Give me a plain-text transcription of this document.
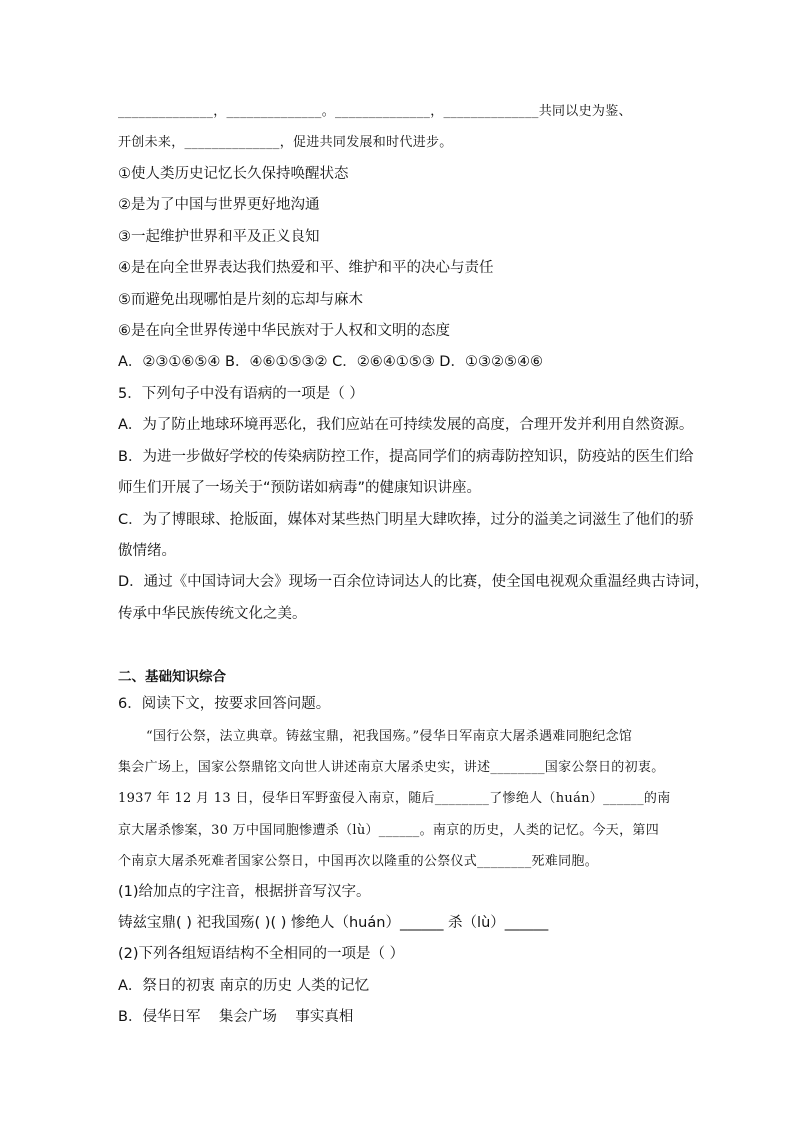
______________，______________。______________，______________共同以史为鉴、
开创未来，______________，促进共同发展和时代进步。
①使人类历史记忆长久保持唤醒状态
②是为了中国与世界更好地沟通
③一起维护世界和平及正义良知
④是在向全世界表达我们热爱和平、维护和平的决心与责任
⑤而避免出现哪怕是片刻的忘却与麻木
⑥是在向全世界传递中华民族对于人权和文明的态度
A．②③①⑥⑤④ B．④⑥①⑤③② C．②⑥④①⑤③ D．①③②⑤④⑥
5．下列句子中没有语病的一项是（ ）
A．为了防止地球环境再恶化，我们应站在可持续发展的高度，合理开发并利用自然资源。
B．为进一步做好学校的传染病防控工作，提高同学们的病毒防控知识，防疫站的医生们给
师生们开展了一场关于“预防诺如病毒”的健康知识讲座。
C．为了博眼球、抢版面，媒体对某些热门明星大肆吹捧，过分的溢美之词滋生了他们的骄
傲情绪。
D．通过《中国诗词大会》现场一百余位诗词达人的比赛，使全国电视观众重温经典古诗词，
传承中华民族传统文化之美。
二、基础知识综合
6．阅读下文，按要求回答问题。
“国行公祭，法立典章。铸兹宝鼎，祀我国殇。”侵华日军南京大屠杀遇难同胞纪念馆
集会广场上，国家公祭鼎铭文向世人讲述南京大屠杀史实，讲述________国家公祭日的初衷。
1937 年 12 月 13 日，侵华日军野蛮侵入南京，随后________了惨绝人（huán）______的南
京大屠杀惨案，30 万中国同胞惨遭杀（lù）______。南京的历史，人类的记忆。今天，第四
个南京大屠杀死难者国家公祭日，中国再次以隆重的公祭仪式________死难同胞。
(1)给加点的字注音，根据拼音写汉字。
铸兹宝鼎( ) 祀我国殇( )( ) 惨绝人（huán）______ 杀（lù）______
(2)下列各组短语结构不全相同的一项是（ ）
A．祭日的初衷 南京的历史 人类的记忆
B．侵华日军    集会广场    事实真相
